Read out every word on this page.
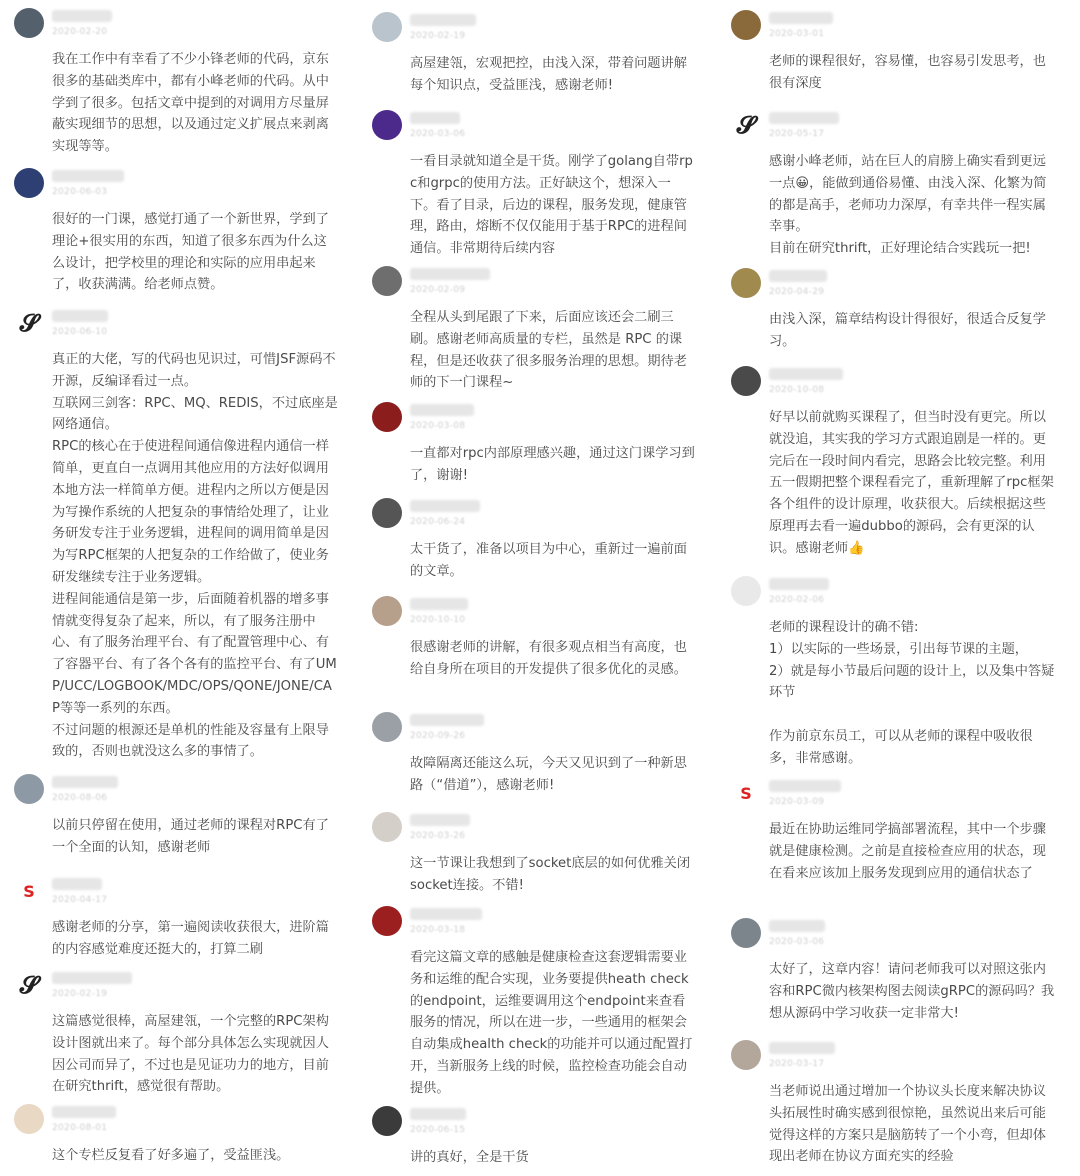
2020-02-20
我在工作中有幸看了不少小锋老师的代码，京东很多的基础类库中，都有小峰老师的代码。从中学到了很多。包括文章中提到的对调用方尽量屏蔽实现细节的思想，以及通过定义扩展点来剥离实现等等。
2020-06-03
很好的一门课，感觉打通了一个新世界，学到了理论+很实用的东西，知道了很多东西为什么这么设计，把学校里的理论和实际的应用串起来了，收获满满。给老师点赞。
𝓢 2020-06-10
真正的大佬，写的代码也见识过，可惜JSF源码不开源，反编译看过一点。
互联网三剑客：RPC、MQ、REDIS，不过底座是网络通信。
RPC的核心在于使进程间通信像进程内通信一样简单，更直白一点调用其他应用的方法好似调用本地方法一样简单方便。进程内之所以方便是因为写操作系统的人把复杂的事情给处理了，让业务研发专注于业务逻辑，进程间的调用简单是因为写RPC框架的人把复杂的工作给做了，使业务研发继续专注于业务逻辑。
进程间能通信是第一步，后面随着机器的增多事情就变得复杂了起来，所以，有了服务注册中心、有了服务治理平台、有了配置管理中心、有了容器平台、有了各个各有的监控平台、有了UMP/UCC/LOGBOOK/MDC/OPS/QONE/JONE/CAP等等一系列的东西。
不过问题的根源还是单机的性能及容量有上限导致的，否则也就没这么多的事情了。
2020-08-06
以前只停留在使用，通过老师的课程对RPC有了一个全面的认知，感谢老师
S 2020-04-17
感谢老师的分享，第一遍阅读收获很大，进阶篇的内容感觉难度还挺大的，打算二刷
𝓢 2020-02-19
这篇感觉很棒，高屋建瓴，一个完整的RPC架构设计图就出来了。每个部分具体怎么实现就因人因公司而异了，不过也是见证功力的地方，目前在研究thrift，感觉很有帮助。
2020-08-01
这个专栏反复看了好多遍了，受益匪浅。
2020-02-19
高屋建瓴，宏观把控，由浅入深，带着问题讲解每个知识点，受益匪浅，感谢老师!
2020-03-06
一看目录就知道全是干货。刚学了golang自带rpc和grpc的使用方法。正好缺这个，想深入一下。看了目录，后边的课程，服务发现，健康管理，路由，熔断不仅仅能用于基于RPC的进程间通信。非常期待后续内容
2020-02-09
全程从头到尾跟了下来，后面应该还会二刷三刷。感谢老师高质量的专栏，虽然是 RPC 的课程，但是还收获了很多服务治理的思想。期待老师的下一门课程~
2020-03-08
一直都对rpc内部原理感兴趣，通过这门课学习到了，谢谢!
2020-06-24
太干货了，准备以项目为中心，重新过一遍前面的文章。
2020-10-10
很感谢老师的讲解，有很多观点相当有高度，也给自身所在项目的开发提供了很多优化的灵感。
2020-09-26
故障隔离还能这么玩，今天又见识到了一种新思路（“借道”），感谢老师!
2020-03-26
这一节课让我想到了socket底层的如何优雅关闭socket连接。不错!
2020-03-18
看完这篇文章的感触是健康检查这套逻辑需要业务和运维的配合实现，业务要提供heath check的endpoint，运维要调用这个endpoint来查看服务的情况，所以在进一步，一些通用的框架会自动集成health check的功能并可以通过配置打开，当新服务上线的时候，监控检查功能会自动提供。
2020-06-15
讲的真好，全是干货
2020-03-01
老师的课程很好，容易懂，也容易引发思考，也很有深度
𝓢 2020-05-17
感谢小峰老师，站在巨人的肩膀上确实看到更远一点😀，能做到通俗易懂、由浅入深、化繁为简的都是高手，老师功力深厚，有幸共伴一程实属幸事。
目前在研究thrift，正好理论结合实践玩一把!
2020-04-29
由浅入深，篇章结构设计得很好，很适合反复学习。
2020-10-08
好早以前就购买课程了，但当时没有更完。所以就没追，其实我的学习方式跟追剧是一样的。更完后在一段时间内看完，思路会比较完整。利用五一假期把整个课程看完了，重新理解了rpc框架各个组件的设计原理，收获很大。后续根据这些原理再去看一遍dubbo的源码，会有更深的认识。感谢老师👍
2020-02-06
老师的课程设计的确不错:
1）以实际的一些场景，引出每节课的主题，
2）就是每小节最后问题的设计上，以及集中答疑环节

作为前京东员工，可以从老师的课程中吸收很多，非常感谢。
S 2020-03-09
最近在协助运维同学搞部署流程，其中一个步骤就是健康检测。之前是直接检查应用的状态，现在看来应该加上服务发现到应用的通信状态了
2020-03-06
太好了，这章内容！请问老师我可以对照这张内容和RPC微内核架构图去阅读gRPC的源码吗？我想从源码中学习收获一定非常大!
2020-03-17
当老师说出通过增加一个协议头长度来解决协议头拓展性时确实感到很惊艳，虽然说出来后可能觉得这样的方案只是脑筋转了一个小弯，但却体现出老师在协议方面充实的经验
